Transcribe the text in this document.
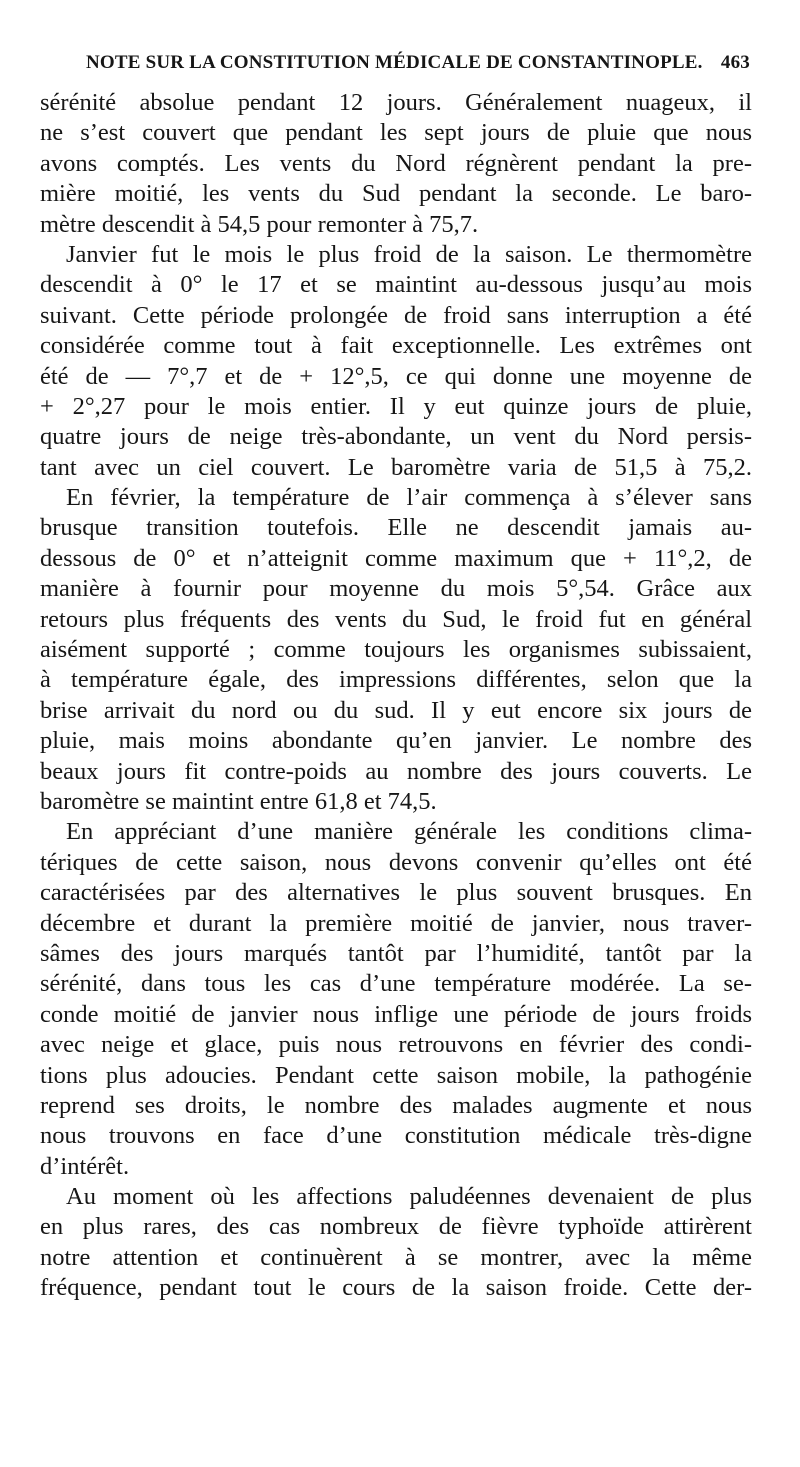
NOTE SUR LA CONSTITUTION MÉDICALE DE CONSTANTINOPLE. 463

sérénité absolue pendant 12 jours. Généralement nuageux, il
ne s’est couvert que pendant les sept jours de pluie que nous
avons comptés. Les vents du Nord régnèrent pendant la pre-
mière moitié, les vents du Sud pendant la seconde. Le baro-
mètre descendit à 54,5 pour remonter à 75,7.

Janvier fut le mois le plus froid de la saison. Le thermomètre
descendit à 0° le 17 et se maintint au-dessous jusqu’au mois
suivant. Cette période prolongée de froid sans interruption a été
considérée comme tout à fait exceptionnelle. Les extrêmes ont
été de — 7°,7 et de + 12°,5, ce qui donne une moyenne de
+ 2°,27 pour le mois entier. Il y eut quinze jours de pluie,
quatre jours de neige très-abondante, un vent du Nord persis-
tant avec un ciel couvert. Le baromètre varia de 51,5 à 75,2.

En février, la température de l’air commença à s’élever sans
brusque transition toutefois. Elle ne descendit jamais au-
dessous de 0° et n’atteignit comme maximum que + 11°,2, de
manière à fournir pour moyenne du mois 5°,54. Grâce aux
retours plus fréquents des vents du Sud, le froid fut en général
aisément supporté ; comme toujours les organismes subissaient,
à température égale, des impressions différentes, selon que la
brise arrivait du nord ou du sud. Il y eut encore six jours de
pluie, mais moins abondante qu’en janvier. Le nombre des
beaux jours fit contre-poids au nombre des jours couverts. Le
baromètre se maintint entre 61,8 et 74,5.

En appréciant d’une manière générale les conditions clima-
tériques de cette saison, nous devons convenir qu’elles ont été
caractérisées par des alternatives le plus souvent brusques. En
décembre et durant la première moitié de janvier, nous traver-
sâmes des jours marqués tantôt par l’humidité, tantôt par la
sérénité, dans tous les cas d’une température modérée. La se-
conde moitié de janvier nous inflige une période de jours froids
avec neige et glace, puis nous retrouvons en février des condi-
tions plus adoucies. Pendant cette saison mobile, la pathogénie
reprend ses droits, le nombre des malades augmente et nous
nous trouvons en face d’une constitution médicale très-digne
d’intérêt.

Au moment où les affections paludéennes devenaient de plus
en plus rares, des cas nombreux de fièvre typhoïde attirèrent
notre attention et continuèrent à se montrer, avec la même
fréquence, pendant tout le cours de la saison froide. Cette der-
